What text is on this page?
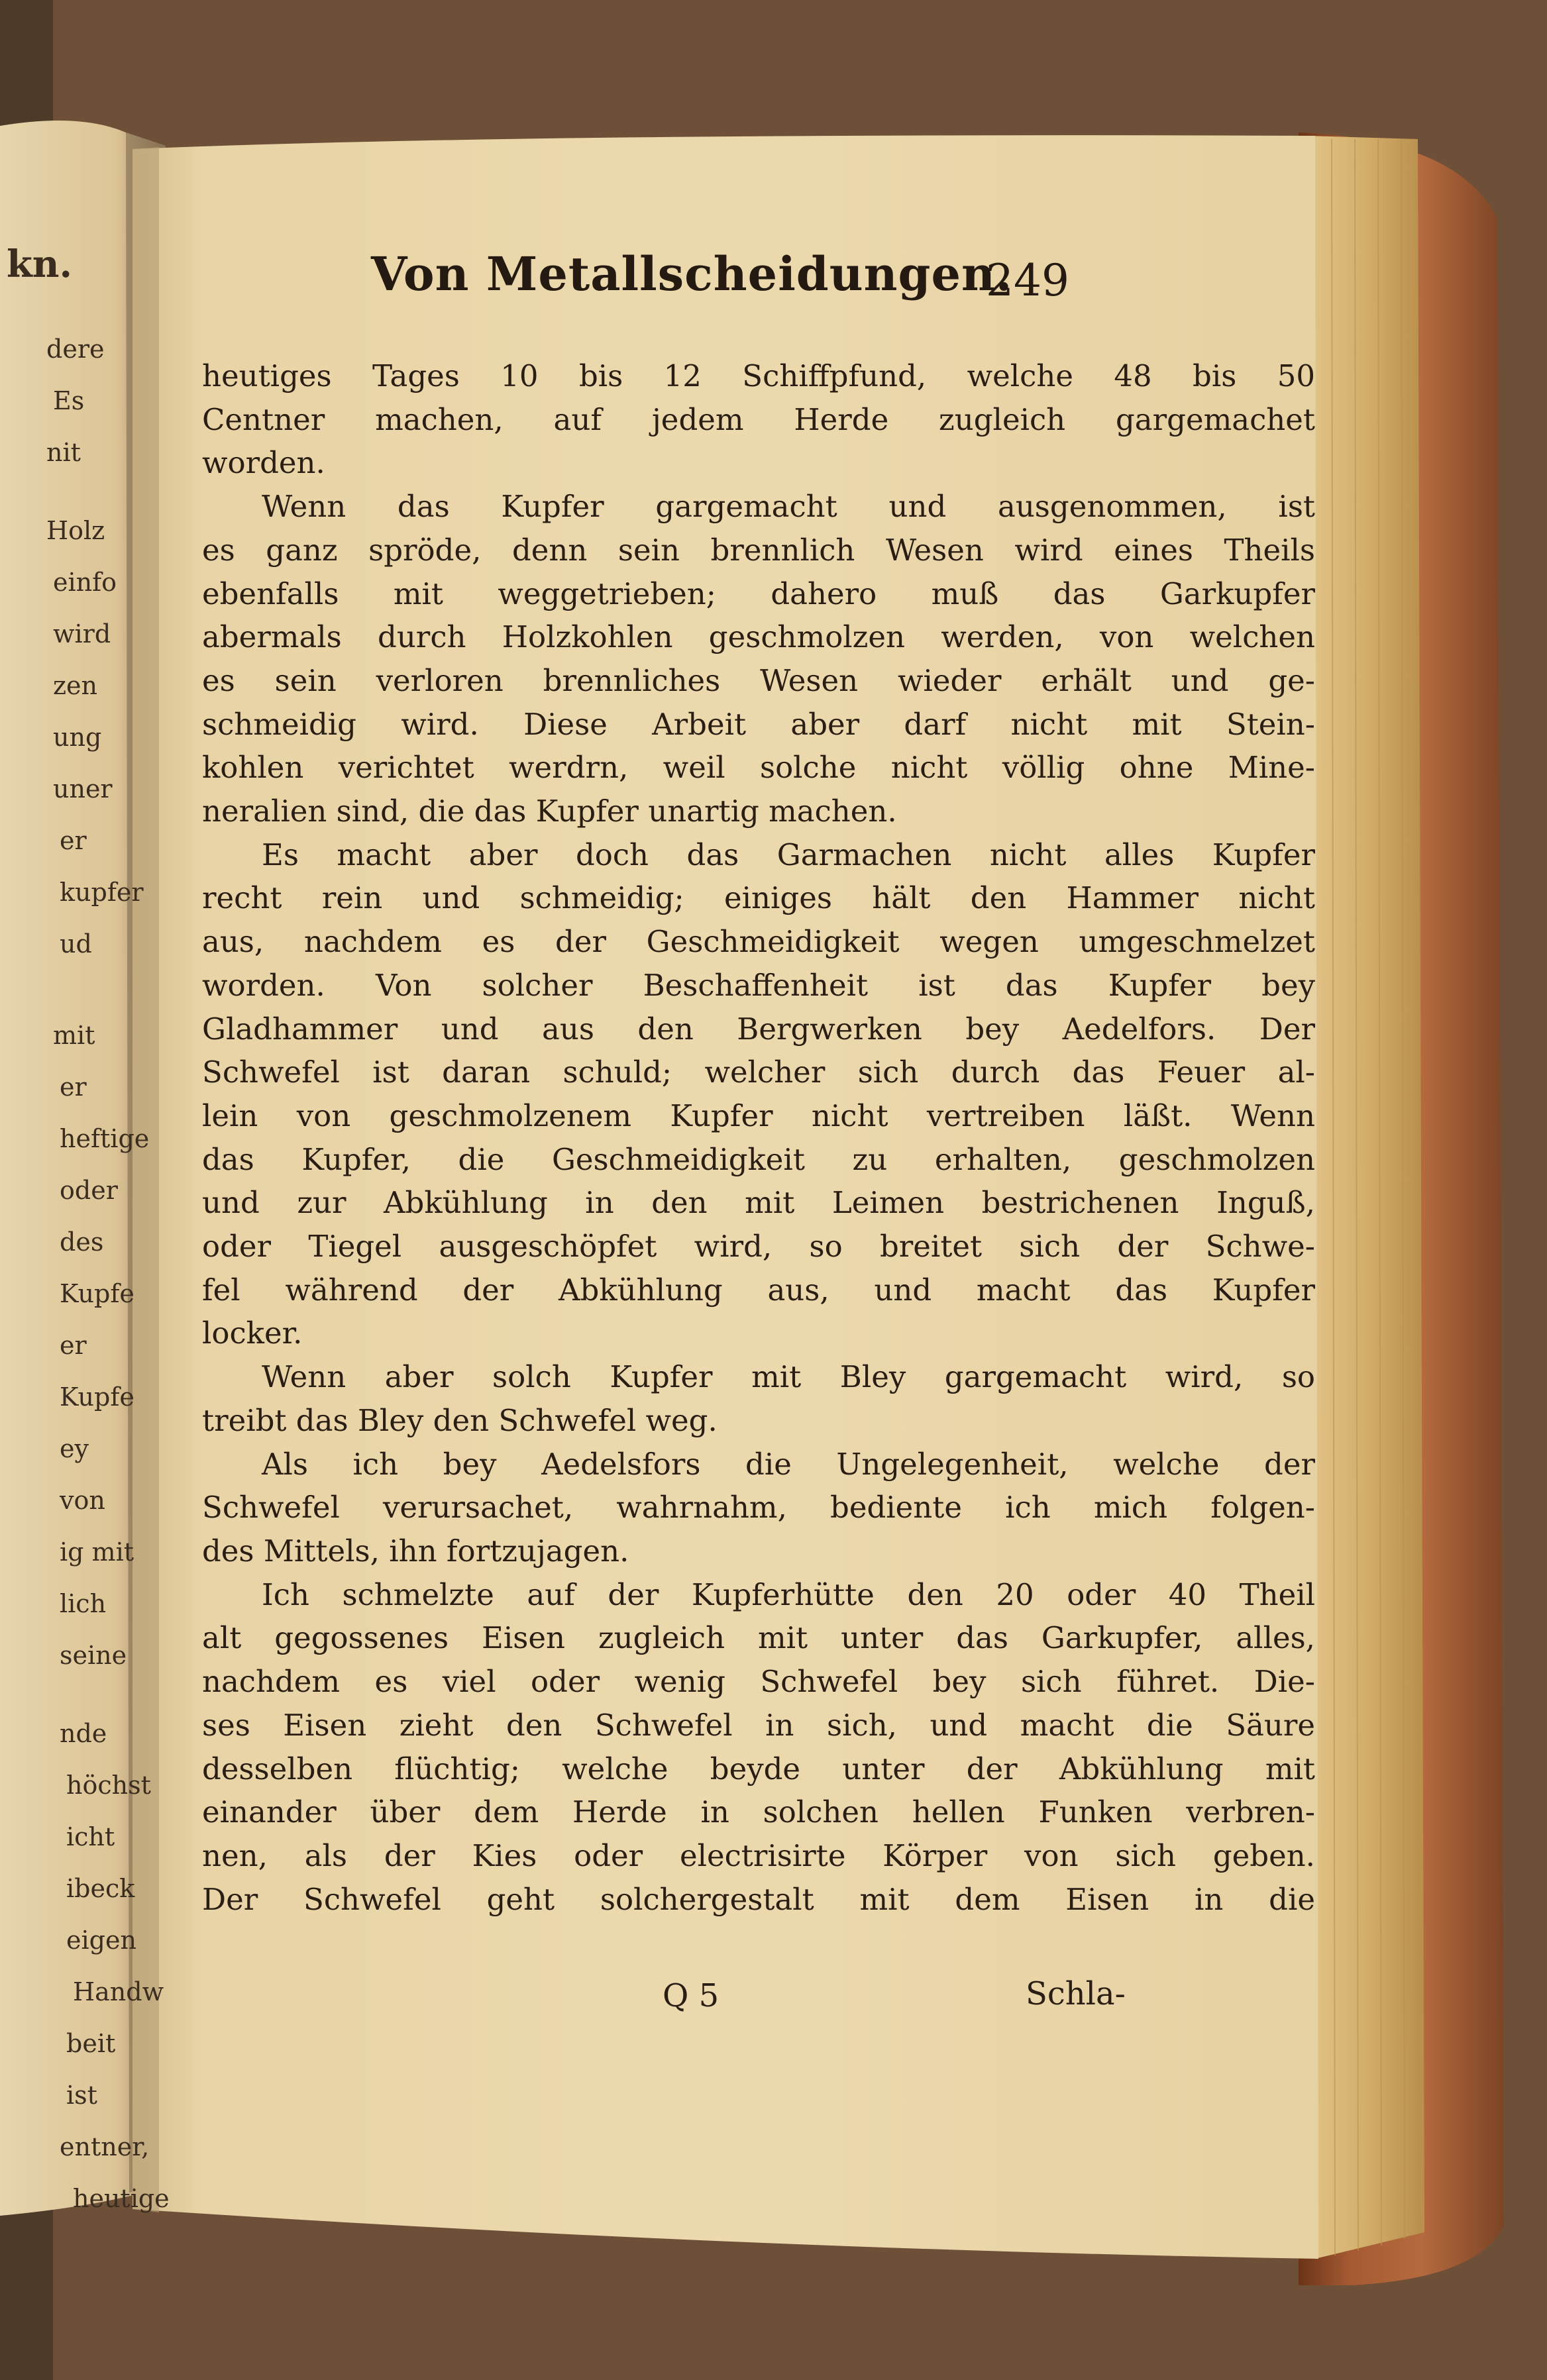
kn.
dere
Es
nit
Holz
einfo
wird
zen
ung
uner
er
kupfer
ud
mit
er
heftige
oder
des
Kupfe
er
Kupfe
ey
von
ig mit
lich
seine
nde
höchst
icht
ibeck
eigen
Handw
beit ist
entner,
heutige
Von Metallscheidungen.
249
heutiges Tages 10 bis 12 Schiffpfund, welche 48 bis 50
Centner machen, auf jedem Herde zugleich gargemachet
worden.
Wenn das Kupfer gargemacht und ausgenommen, ist
es ganz spröde, denn sein brennlich Wesen wird eines Theils
ebenfalls mit weggetrieben; dahero muß das Garkupfer
abermals durch Holzkohlen geschmolzen werden, von welchen
es sein verloren brennliches Wesen wieder erhält und ge-
schmeidig wird. Diese Arbeit aber darf nicht mit Stein-
kohlen verichtet werdrn, weil solche nicht völlig ohne Mine-
neralien sind, die das Kupfer unartig machen.
Es macht aber doch das Garmachen nicht alles Kupfer
recht rein und schmeidig; einiges hält den Hammer nicht
aus, nachdem es der Geschmeidigkeit wegen umgeschmelzet
worden. Von solcher Beschaffenheit ist das Kupfer bey
Gladhammer und aus den Bergwerken bey Aedelfors. Der
Schwefel ist daran schuld; welcher sich durch das Feuer al-
lein von geschmolzenem Kupfer nicht vertreiben läßt. Wenn
das Kupfer, die Geschmeidigkeit zu erhalten, geschmolzen
und zur Abkühlung in den mit Leimen bestrichenen Inguß,
oder Tiegel ausgeschöpfet wird, so breitet sich der Schwe-
fel während der Abkühlung aus, und macht das Kupfer
locker.
Wenn aber solch Kupfer mit Bley gargemacht wird, so
treibt das Bley den Schwefel weg.
Als ich bey Aedelsfors die Ungelegenheit, welche der
Schwefel verursachet, wahrnahm, bediente ich mich folgen-
des Mittels, ihn fortzujagen.
Ich schmelzte auf der Kupferhütte den 20 oder 40 Theil
alt gegossenes Eisen zugleich mit unter das Garkupfer, alles,
nachdem es viel oder wenig Schwefel bey sich führet. Die-
ses Eisen zieht den Schwefel in sich, und macht die Säure
desselben flüchtig; welche beyde unter der Abkühlung mit
einander über dem Herde in solchen hellen Funken verbren-
nen, als der Kies oder electrisirte Körper von sich geben.
Der Schwefel geht solchergestalt mit dem Eisen in die
Q 5	Schla-
